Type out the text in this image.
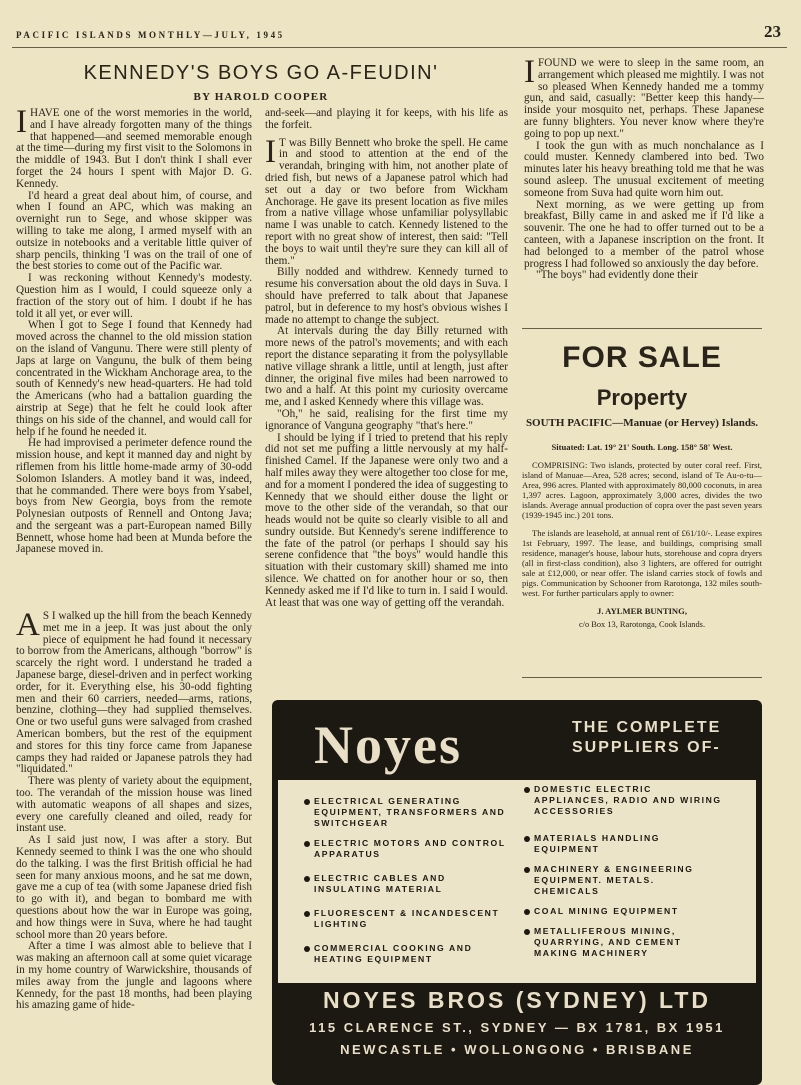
PACIFIC ISLANDS MONTHLY—JULY, 1945	23
KENNEDY'S BOYS GO A-FEUDIN'
BY HAROLD COOPER

IHAVE one of the worst memories in the world, and I have already forgotten many of the things that happened—and seemed memorable enough at the time—during my first visit to the Solomons in the middle of 1943. But I don't think I shall ever forget the 24 hours I spent with Major D. G. Kennedy.

I'd heard a great deal about him, of course, and when I found an APC, which was making an overnight run to Sege, and whose skipper was willing to take me along, I armed myself with an outsize in notebooks and a veritable little quiver of sharp pencils, thinking 'I was on the trail of one of the best stories to come out of the Pacific war.

I was reckoning without Kennedy's modesty. Question him as I would, I could squeeze only a fraction of the story out of him. I doubt if he has told it all yet, or ever will.

When I got to Sege I found that Kennedy had moved across the channel to the old mission station on the island of Vangunu. There were still plenty of Japs at large on Vangunu, the bulk of them being concentrated in the Wickham Anchorage area, to the south of Kennedy's new head-quarters. He had told the Americans (who had a battalion guarding the airstrip at Sege) that he felt he could look after things on his side of the channel, and would call for help if he found he needed it.

He had improvised a perimeter defence round the mission house, and kept it manned day and night by riflemen from his little home-made army of 30-odd Solomon Islanders. A motley band it was, indeed, that he commanded. There were boys from Ysabel, boys from New Georgia, boys from the remote Polynesian outposts of Rennell and Ontong Java; and the sergeant was a part-European named Billy Bennett, whose home had been at Munda before the Japanese moved in.

A S I walked up the hill from the beach Kennedy met me in a jeep. It was just about the only piece of equipment he had found it necessary to borrow from the Americans, although "borrow" is scarcely the right word. I understand he traded a Japanese barge, diesel-driven and in perfect working order, for it. Everything else, his 30-odd fighting men and their 60 carriers, needed—arms, rations, benzine, clothing—they had supplied themselves. One or two useful guns were salvaged from crashed American bombers, but the rest of the equipment and stores for this tiny force came from Japanese camps they had raided or Japanese patrols they had "liquidated."

There was plenty of variety about the equipment, too. The verandah of the mission house was lined with automatic weapons of all shapes and sizes, every one carefully cleaned and oiled, ready for instant use.

As I said just now, I was after a story. But Kennedy seemed to think I was the one who should do the talking. I was the first British official he had seen for many anxious moons, and he sat me down, gave me a cup of tea (with some Japanese dried fish to go with it), and began to bombard me with questions about how the war in Europe was going, and how things were in Suva, where he had taught school more than 20 years before.

After a time I was almost able to believe that I was making an afternoon call at some quiet vicarage in my home country of Warwickshire, thousands of miles away from the jungle and lagoons where Kennedy, for the past 18 months, had been playing his amazing game of hide-

and-seek—and playing it for keeps, with his life as the forfeit.

I T was Billy Bennett who broke the spell. He came in and stood to attention at the end of the verandah, bringing with him, not another plate of dried fish, but news of a Japanese patrol which had set out a day or two before from Wickham Anchorage. He gave its present location as five miles from a native village whose unfamiliar polysyllabic name I was unable to catch. Kennedy listened to the report with no great show of interest, then said: "Tell the boys to wait until they're sure they can kill all of them."

Billy nodded and withdrew. Kennedy turned to resume his conversation about the old days in Suva. I should have preferred to talk about that Japanese patrol, but in deference to my host's obvious wishes I made no attempt to change the subject.

At intervals during the day Billy returned with more news of the patrol's movements; and with each report the distance separating it from the polysyllable native village shrank a little, until at length, just after dinner, the original five miles had been narrowed to two and a half. At this point my curiosity overcame me, and I asked Kennedy where this village was.

"Oh," he said, realising for the first time my ignorance of Vanguna geography "that's here."

I should be lying if I tried to pretend that his reply did not set me puffing a little nervously at my half-finished Camel. If the Japanese were only two and a half miles away they were altogether too close for me, and for a moment I pondered the idea of suggesting to Kennedy that we should either douse the light or move to the other side of the verandah, so that our heads would not be quite so clearly visible to all and sundry outside. But Kennedy's serene indifference to the fate of the patrol (or perhaps I should say his serene confidence that "the boys" would handle this situation with their customary skill) shamed me into silence. We chatted on for another hour or so, then Kennedy asked me if I'd like to turn in. I said I would. At least that was one way of getting off the verandah.

IFOUND we were to sleep in the same room, an arrangement which pleased me mightily. I was not so pleased When Kennedy handed me a tommy gun, and said, casually: "Better keep this handy—inside your mosquito net, perhaps. These Japanese are funny blighters. You never know where they're going to pop up next."

I took the gun with as much nonchalance as I could muster. Kennedy clambered into bed. Two minutes later his heavy breathing told me that he was sound asleep. The unusual excitement of meeting someone from Suva had quite worn him out.

Next morning, as we were getting up from breakfast, Billy came in and asked me if I'd like a souvenir. The one he had to offer turned out to be a canteen, with a Japanese inscription on the front. It had belonged to a member of the patrol whose progress I had followed so anxiously the day before.

"The boys" had evidently done their

FOR SALE
Property
SOUTH PACIFIC—Manuae (or Hervey) Islands.
Situated: Lat. 19° 21' South. Long. 158° 58' West.

COMPRISING: Two islands, protected by outer coral reef. First, island of Manuae—Area, 528 acres; second, island of Te Au-o-tu—Area, 996 acres. Planted with approximately 80,000 coconuts, in area 1,397 acres. Lagoon, approximately 3,000 acres, divides the two islands. Average annual production of copra over the past seven years (1939-1945 inc.) 201 tons.

The islands are leasehold, at annual rent of £61/10/-. Lease expires 1st February, 1997. The lease, and buildings, comprising small residence, manager's house, labour huts, storehouse and copra dryers (all in first-class condition), also 3 lighters, are offered for outright sale at £12,000, or near offer. The island carries stock of fowls and pigs. Communication by Schooner from Rarotonga, 132 miles south-west. For further particulars apply to owner:

J. AYLMER BUNTING,

c/o Box 13, Rarotonga, Cook Islands.

Noyes	THE COMPLETE
SUPPLIERS OF-
ELECTRICAL GENERATING EQUIPMENT, TRANSFORMERS AND SWITCHGEAR
ELECTRIC MOTORS AND CONTROL APPARATUS
ELECTRIC CABLES AND INSULATING MATERIAL
FLUORESCENT & INCANDESCENT LIGHTING
COMMERCIAL COOKING AND HEATING EQUIPMENT
DOMESTIC ELECTRIC APPLIANCES, RADIO AND WIRING ACCESSORIES
MATERIALS HANDLING EQUIPMENT
MACHINERY & ENGINEERING EQUIPMENT. METALS. CHEMICALS
COAL MINING EQUIPMENT
METALLIFEROUS MINING, QUARRYING, AND CEMENT MAKING MACHINERY
NOYES BROS (SYDNEY) LTD
115 CLARENCE ST., SYDNEY — BX 1781, BX 1951
NEWCASTLE • WOLLONGONG • BRISBANE
